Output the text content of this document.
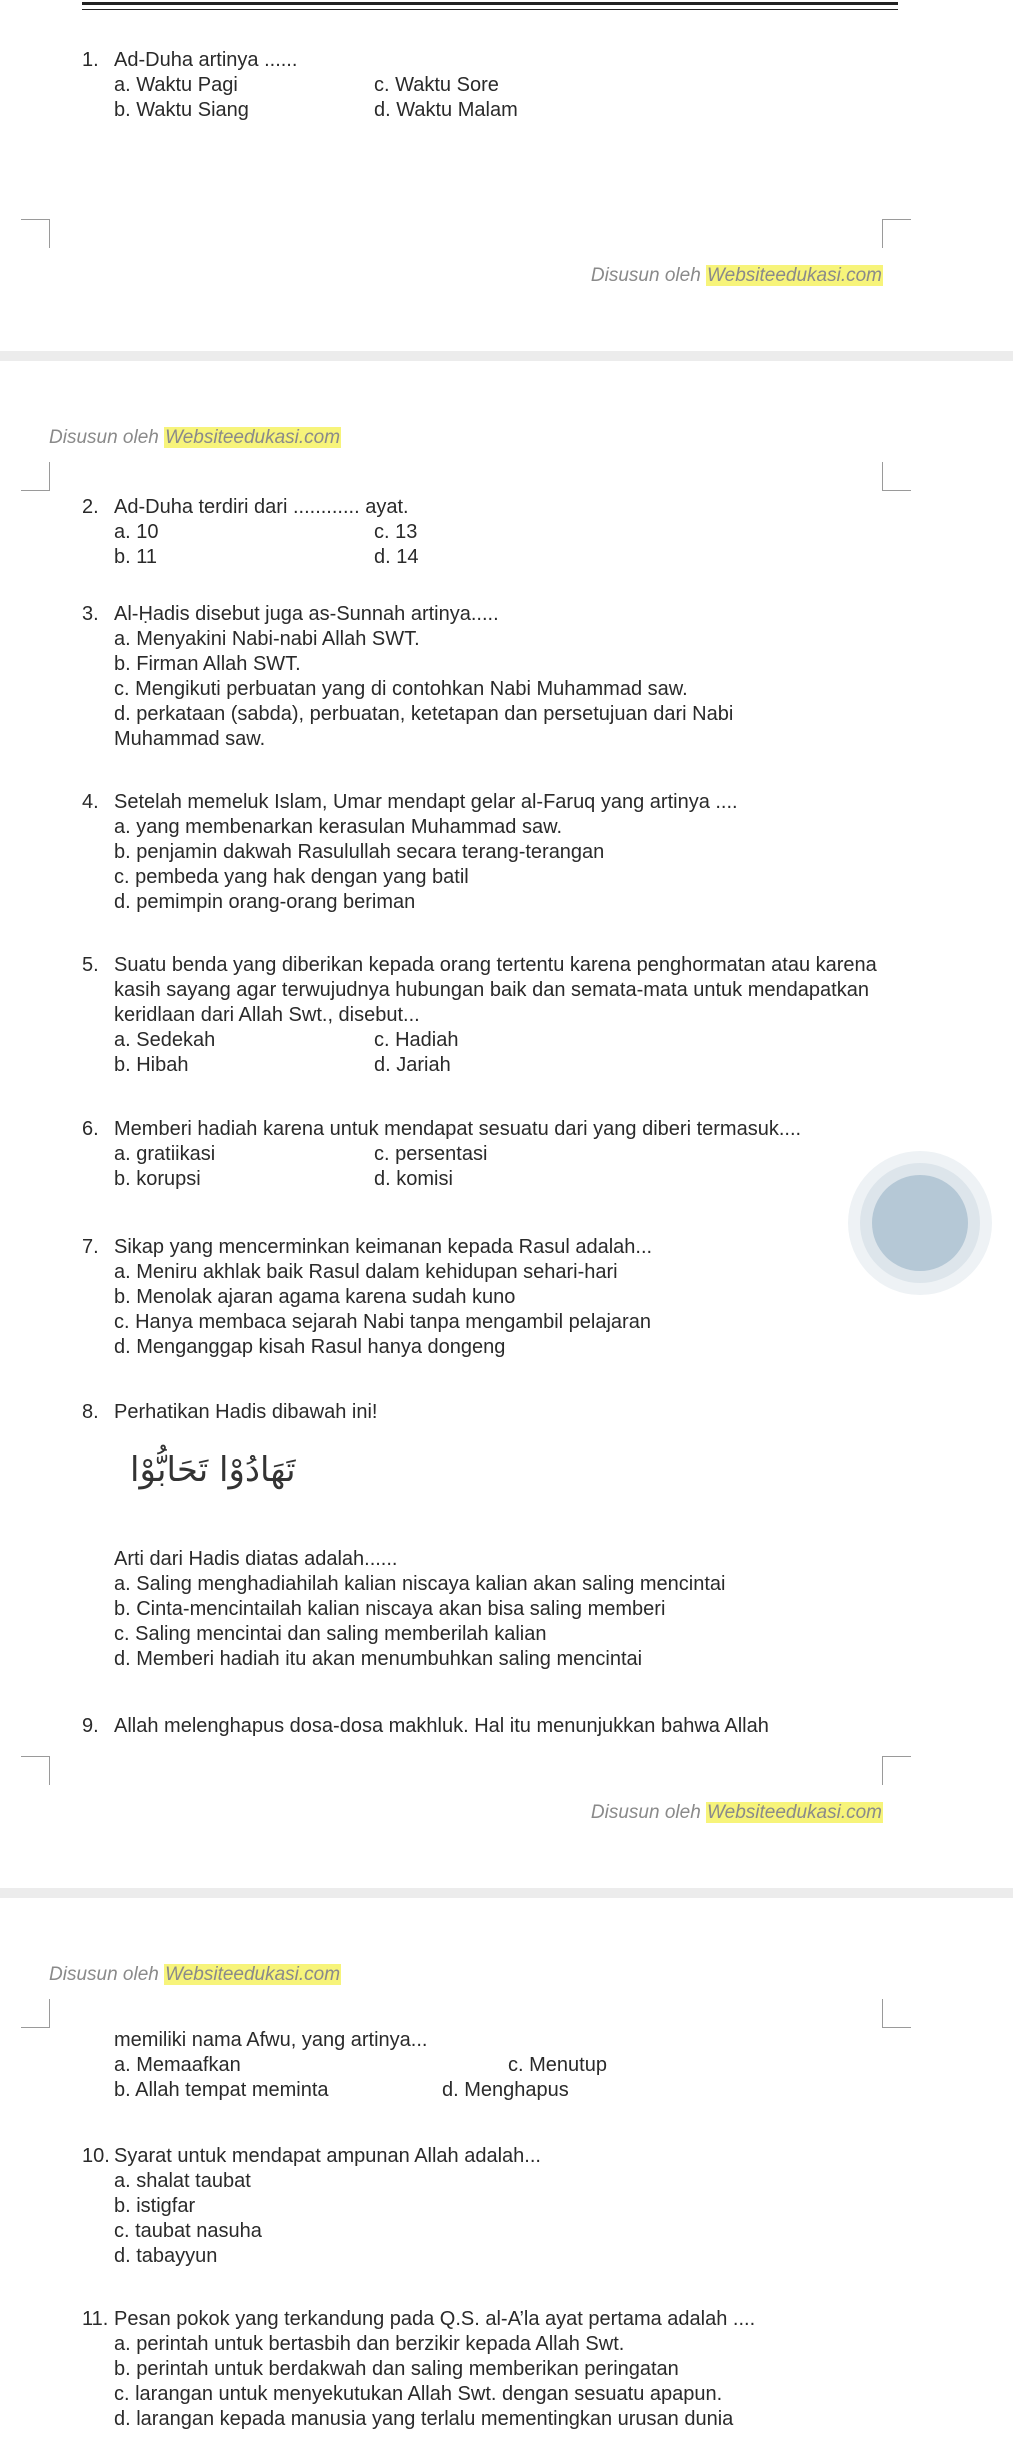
1. Ad-Duha artinya ......
a. Waktu Pagi	c. Waktu Sore
b. Waktu Siang	d. Waktu Malam
Disusun oleh Websiteedukasi.com
Disusun oleh Websiteedukasi.com
2. Ad-Duha terdiri dari ............ ayat.
a. 10	c. 13
b. 11	d. 14
3. Al-Ḥadis disebut juga as-Sunnah artinya.....
a. Menyakini Nabi-nabi Allah SWT.
b. Firman Allah SWT.
c. Mengikuti perbuatan yang di contohkan Nabi Muhammad saw.
d. perkataan (sabda), perbuatan, ketetapan dan persetujuan dari Nabi Muhammad saw.
4. Setelah memeluk Islam, Umar mendapt gelar al-Faruq yang artinya ....
a. yang membenarkan kerasulan Muhammad saw.
b. penjamin dakwah Rasulullah secara terang-terangan
c. pembeda yang hak dengan yang batil
d. pemimpin orang-orang beriman
5. Suatu benda yang diberikan kepada orang tertentu karena penghormatan atau karena kasih sayang agar terwujudnya hubungan baik dan semata-mata untuk mendapatkan keridlaan dari Allah Swt., disebut...
a. Sedekah	c. Hadiah
b. Hibah	d. Jariah
6. Memberi hadiah karena untuk mendapat sesuatu dari yang diberi termasuk....
a. gratiikasi	c. persentasi
b. korupsi	d. komisi
7. Sikap yang mencerminkan keimanan kepada Rasul adalah...
a. Meniru akhlak baik Rasul dalam kehidupan sehari-hari
b. Menolak ajaran agama karena sudah kuno
c. Hanya membaca sejarah Nabi tanpa mengambil pelajaran
d. Menganggap kisah Rasul hanya dongeng
8. Perhatikan Hadis dibawah ini!
تَهَادُوْا تَحَابُّوْا
Arti dari Hadis diatas adalah......
a. Saling menghadiahilah kalian niscaya kalian akan saling mencintai
b. Cinta-mencintailah kalian niscaya akan bisa saling memberi
c. Saling mencintai dan saling memberilah kalian
d. Memberi hadiah itu akan menumbuhkan saling mencintai
9. Allah melenghapus dosa-dosa makhluk. Hal itu menunjukkan bahwa Allah
Disusun oleh Websiteedukasi.com
Disusun oleh Websiteedukasi.com
memiliki nama Afwu, yang artinya...
a. Memaafkan	c. Menutup
b. Allah tempat meminta	d. Menghapus
10. Syarat untuk mendapat ampunan Allah adalah...
a. shalat taubat
b. istigfar
c. taubat nasuha
d. tabayyun
11. Pesan pokok yang terkandung pada Q.S. al-A’la ayat pertama adalah ....
a. perintah untuk bertasbih dan berzikir kepada Allah Swt.
b. perintah untuk berdakwah dan saling memberikan peringatan
c. larangan untuk menyekutukan Allah Swt. dengan sesuatu apapun.
d. larangan kepada manusia yang terlalu mementingkan urusan dunia
